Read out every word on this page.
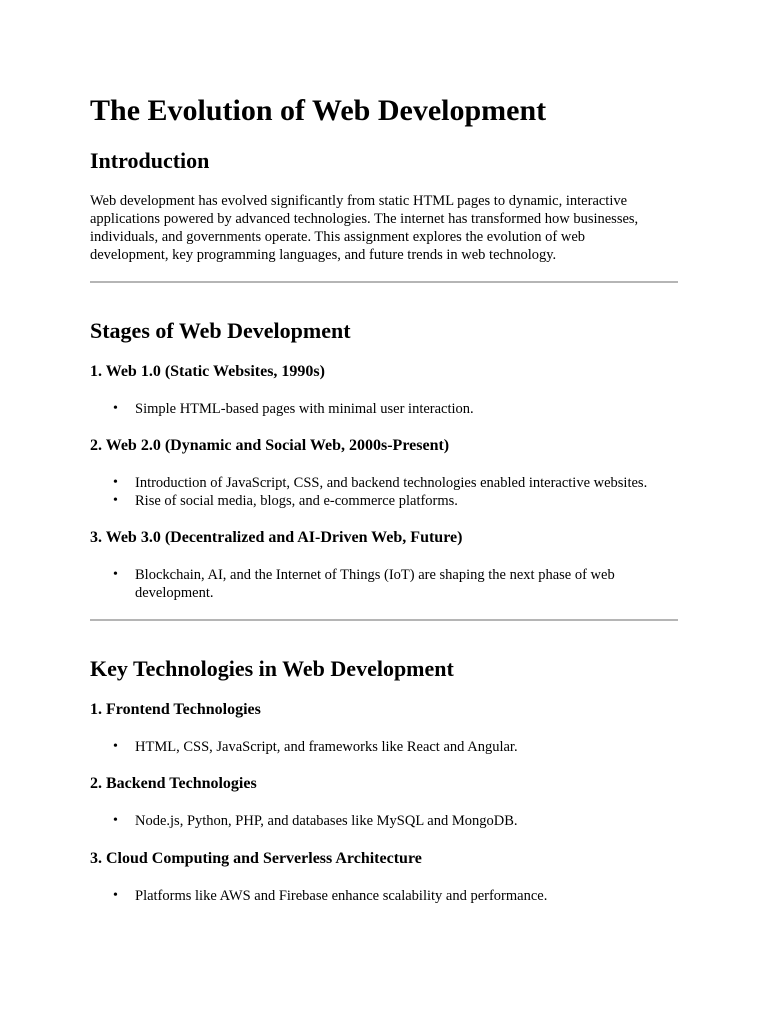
The Evolution of Web Development
Introduction

Web development has evolved significantly from static HTML pages to dynamic, interactive
applications powered by advanced technologies. The internet has transformed how businesses,
individuals, and governments operate. This assignment explores the evolution of web
development, key programming languages, and future trends in web technology.

Stages of Web Development
1. Web 1.0 (Static Websites, 1990s)
• Simple HTML-based pages with minimal user interaction.
2. Web 2.0 (Dynamic and Social Web, 2000s-Present)
• Introduction of JavaScript, CSS, and backend technologies enabled interactive websites.
• Rise of social media, blogs, and e-commerce platforms.
3. Web 3.0 (Decentralized and AI-Driven Web, Future)
• Blockchain, AI, and the Internet of Things (IoT) are shaping the next phase of web development.
Key Technologies in Web Development
1. Frontend Technologies
• HTML, CSS, JavaScript, and frameworks like React and Angular.
2. Backend Technologies
• Node.js, Python, PHP, and databases like MySQL and MongoDB.
3. Cloud Computing and Serverless Architecture
• Platforms like AWS and Firebase enhance scalability and performance.
